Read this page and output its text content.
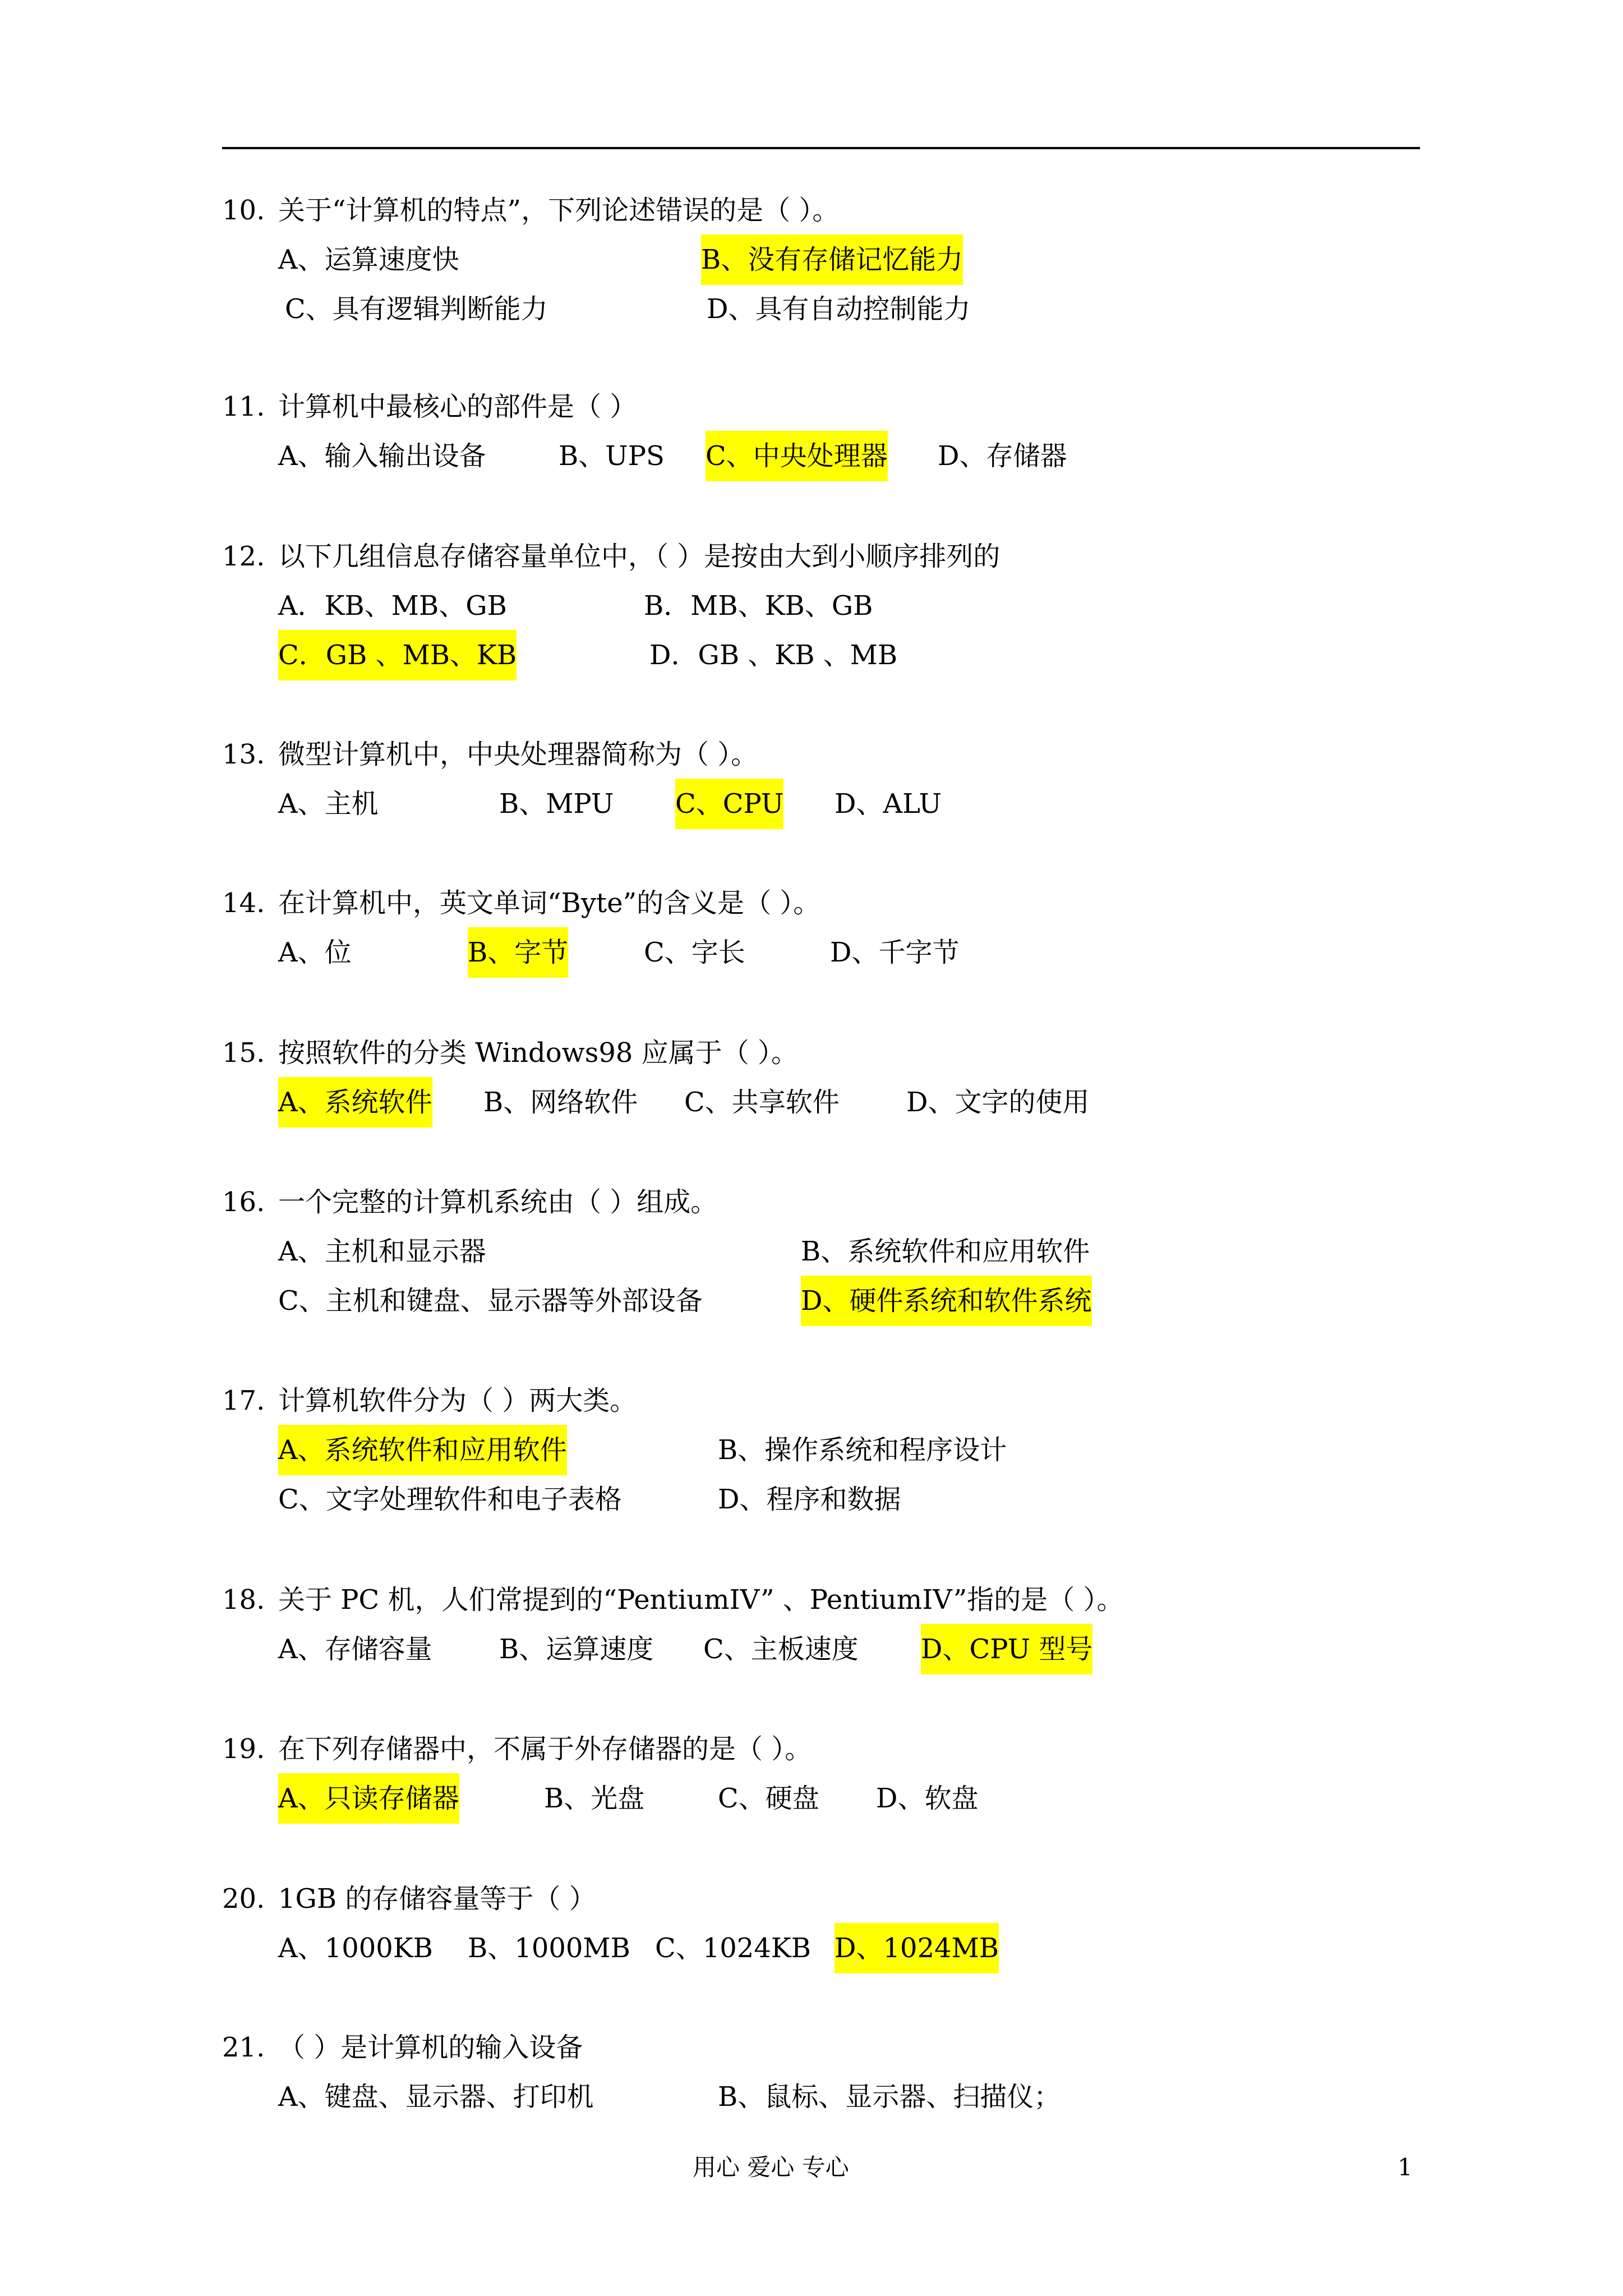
10. 关于“计算机的特点”，下列论述错误的是（ ）。
A、运算速度快	B、没有存储记忆能力
C、具有逻辑判断能力	D、具有自动控制能力
11. 计算机中最核心的部件是（ ）
A、输入输出设备	B、UPS C、中央处理器 D、存储器
12. 以下几组信息存储容量单位中，（ ）是按由大到小顺序排列的
A．KB、MB、GB	B．MB、KB、GB
C．GB 、MB、KB	D．GB 、KB 、MB
13. 微型计算机中，中央处理器简称为（ ）。
A、主机	B、MPU C、CPU D、ALU
14. 在计算机中，英文单词“Byte”的含义是（ ）。
A、位	B、字节	C、字长	D、千字节
15. 按照软件的分类 Windows98 应属于（ ）。
A、系统软件 B、网络软件 C、共享软件 D、文字的使用
16. 一个完整的计算机系统由（ ）组成。
A、主机和显示器	B、系统软件和应用软件
C、主机和键盘、显示器等外部设备	D、硬件系统和软件系统
17. 计算机软件分为（ ）两大类。
A、系统软件和应用软件	B、操作系统和程序设计
C、文字处理软件和电子表格	D、程序和数据
18. 关于 PC 机，人们常提到的“PentiumIV” 、PentiumIV”指的是（ ）。
A、存储容量 B、运算速度 C、主板速度 D、CPU 型号
19. 在下列存储器中，不属于外存储器的是（ ）。
A、只读存储器	B、光盘	C、硬盘 D、软盘
20. 1GB 的存储容量等于（ ）
A、1000KB B、1000MB C、1024KB D、1024MB
21. （ ）是计算机的输入设备
A、键盘、显示器、打印机	B、鼠标、显示器、扫描仪；
用心 爱心 专心	1
